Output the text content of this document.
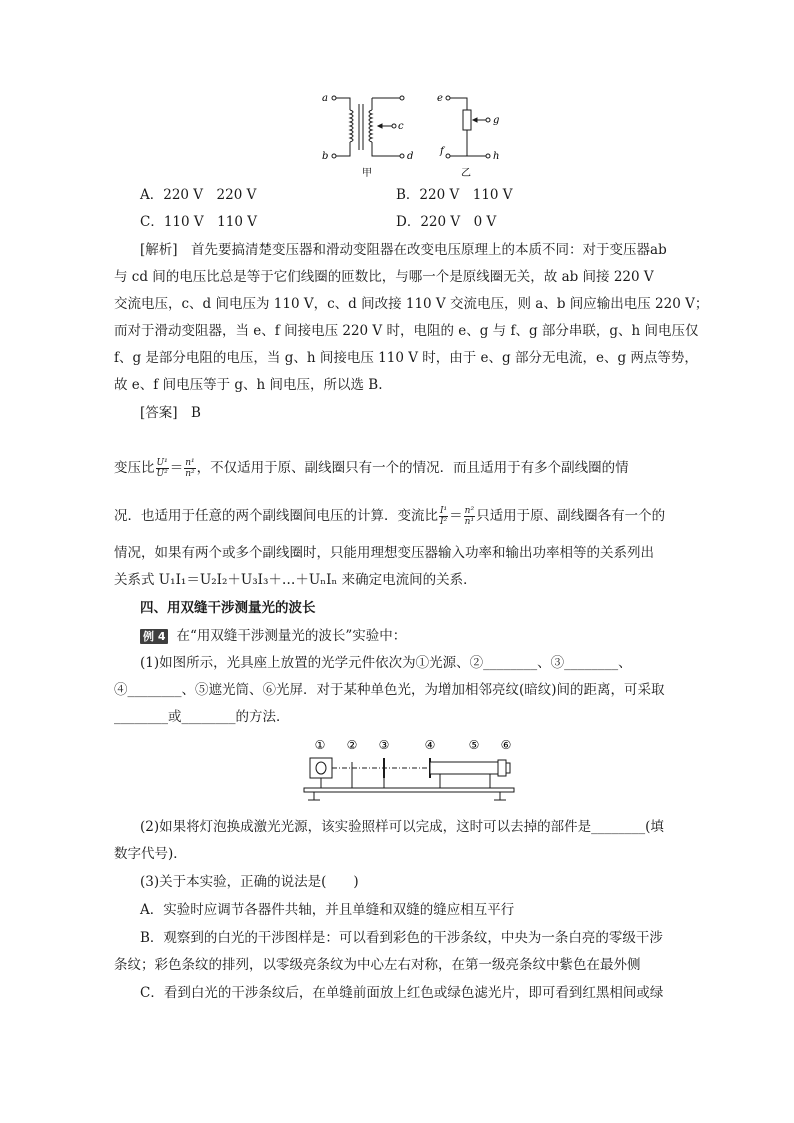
a
b
c
d
甲
e
f
g
h
乙
A．220 V　220 V	B．220 V　110 V
C．110 V　110 V	D．220 V　0 V
[解析]　首先要搞清楚变压器和滑动变阻器在改变电压原理上的本质不同：对于变压器ab
与 cd 间的电压比总是等于它们线圈的匝数比，与哪一个是原线圈无关，故 ab 间接 220 V
交流电压，c、d 间电压为 110 V，c、d 间改接 110 V 交流电压，则 a、b 间应输出电压 220 V；
而对于滑动变阻器，当 e、f 间接电压 220 V 时，电阻的 e、g 与 f、g 部分串联，g、h 间电压仅
f、g 是部分电阻的电压，当 g、h 间接电压 110 V 时，由于 e、g 部分无电流，e、g 两点等势，
故 e、f 间电压等于 g、h 间电压，所以选 B.
[答案]　B
变压比 $\frac{\text{U¹}}{\text{U²}} = \frac{\text{n¹}}{\text{n²}}$ ，不仅适用于原、副线圈只有一个的情况．而且适用于有多个副线圈的情
况．也适用于任意的两个副线圈间电压的计算．变流比 $\frac{\text{I¹}}{\text{I²}} = \frac{\text{n²}}{\text{n¹}}$ 只适用于原、副线圈各有一个的
情况，如果有两个或多个副线圈时，只能用理想变压器输入功率和输出功率相等的关系列出
关系式 U₁I₁＝U₂I₂＋U₃I₃＋…＋UₙIₙ 来确定电流间的关系．
四、用双缝干涉测量光的波长
例 4 在“用双缝干涉测量光的波长”实验中：
(1)如图所示，光具座上放置的光学元件依次为①光源、②________、③________、
④________、⑤遮光筒、⑥光屏．对于某种单色光，为增加相邻亮纹(暗纹)间的距离，可采取
________或________的方法．
① ② ③	④	⑤ ⑥
(2)如果将灯泡换成激光光源，该实验照样可以完成，这时可以去掉的部件是________(填
数字代号)．
(3)关于本实验，正确的说法是(　　)
A．实验时应调节各器件共轴，并且单缝和双缝的缝应相互平行
B．观察到的白光的干涉图样是：可以看到彩色的干涉条纹，中央为一条白亮的零级干涉
条纹；彩色条纹的排列，以零级亮条纹为中心左右对称，在第一级亮条纹中紫色在最外侧
C．看到白光的干涉条纹后，在单缝前面放上红色或绿色滤光片，即可看到红黑相间或绿
